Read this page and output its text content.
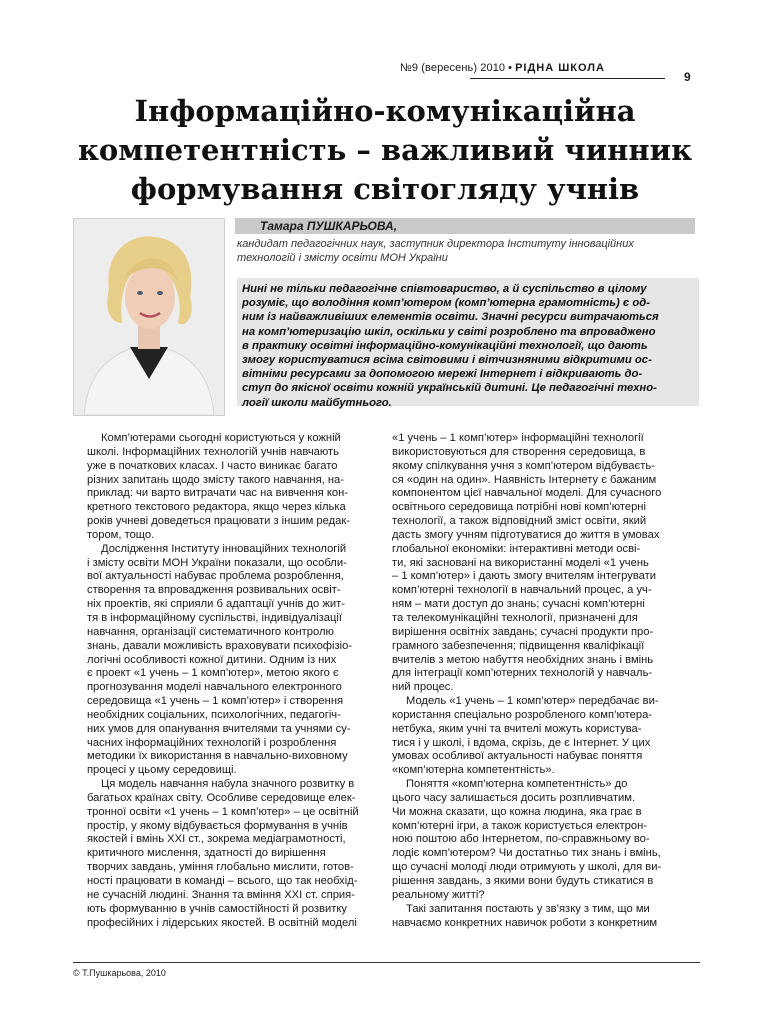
№9 (вересень) 2010 • РІДНА ШКОЛА
9
Інформаційно-комунікаційна
компетентність – важливий чинник
формування світогляду учнів
Тамара ПУШКАРЬОВА,
кандидат педагогічних наук, заступник директора Інституту інноваційних
технологій і змісту освіти МОН України
Нині не тільки педагогічне співтовариство, а й суспільство в цілому
розуміє, що володіння комп’ютером (комп’ютерна грамотність) є од-
ним із найважливіших елементів освіти. Значні ресурси витрачаються
на комп’ютеризацію шкіл, оскільки у світі розроблено та впроваджено
в практику освітні інформаційно-комунікаційні технології, що дають
змогу користуватися всіма світовими і вітчизняними відкритими ос-
вітніми ресурсами за допомогою мережі Інтернет і відкривають до-
ступ до якісної освіти кожній українській дитині. Це педагогічні техно-
логії школи майбутнього.
Комп’ютерами сьогодні користуються у кожній
школі. Інформаційних технологій учнів навчають
уже в початкових класах. І часто виникає багато
різних запитань щодо змісту такого навчання, на-
приклад: чи варто витрачати час на вивчення кон-
кретного текстового редактора, якщо через кілька
років учневі доведеться працювати з іншим редак-
тором, тощо.
Дослідження Інституту інноваційних технологій
і змісту освіти МОН України показали, що особли-
вої актуальності набуває проблема розроблення,
створення та впровадження розвивальних освіт-
ніх проектів, які сприяли б адаптації учнів до жит-
тя в інформаційному суспільстві, індивідуалізації
навчання, організації систематичного контролю
знань, давали можливість враховувати психофізіо-
логічні особливості кожної дитини. Одним із них
є проект «1 учень – 1 комп’ютер», метою якого є
прогнозування моделі навчального електронного
середовища «1 учень – 1 комп’ютер» і створення
необхідних соціальних, психологічних, педагогіч-
них умов для опанування вчителями та учнями су-
часних інформаційних технологій і розроблення
методики їх використання в навчально-виховному
процесі у цьому середовищі.
Ця модель навчання набула значного розвитку в
багатьох країнах світу. Особливе середовище елек-
тронної освіти «1 учень – 1 комп’ютер» – це освітній
простір, у якому відбувається формування в учнів
якостей і вмінь XXI ст., зокрема медіаграмотності,
критичного мислення, здатності до вирішення
творчих завдань, уміння глобально мислити, готов-
ності працювати в команді – всього, що так необхід-
не сучасній людині. Знання та вміння XXI ст. сприя-
ють формуванню в учнів самостійності й розвитку
професійних і лідерських якостей. В освітній моделі
«1 учень – 1 комп’ютер» інформаційні технології
використовуються для створення середовища, в
якому спілкування учня з комп’ютером відбуваєть-
ся «один на один». Наявність Інтернету є бажаним
компонентом цієї навчальної моделі. Для сучасного
освітнього середовища потрібні нові комп’ютерні
технології, а також відповідний зміст освіти, який
дасть змогу учням підготуватися до життя в умовах
глобальної економіки: інтерактивні методи осві-
ти, які засновані на використанні моделі «1 учень
– 1 комп’ютер» і дають змогу вчителям інтегрувати
комп’ютерні технології в навчальний процес, а уч-
ням – мати доступ до знань; сучасні комп’ютерні
та телекомунікаційні технології, призначені для
вирішення освітніх завдань; сучасні продукти про-
грамного забезпечення; підвищення кваліфікації
вчителів з метою набуття необхідних знань і вмінь
для інтеграції комп’ютерних технологій у навчаль-
ний процес.
Модель «1 учень – 1 комп’ютер» передбачає ви-
користання спеціально розробленого комп’ютера-
нетбука, яким учні та вчителі можуть користува-
тися і у школі, і вдома, скрізь, де є Інтернет. У цих
умовах особливої актуальності набуває поняття
«комп’ютерна компетентність».
Поняття «комп’ютерна компетентність» до
цього часу залишається досить розпливчатим.
Чи можна сказати, що кожна людина, яка грає в
комп’ютерні ігри, а також користується електрон-
ною поштою або Інтернетом, по-справжньому во-
лодіє комп’ютером? Чи достатньо тих знань і вмінь,
що сучасні молоді люди отримують у школі, для ви-
рішення завдань, з якими вони будуть стикатися в
реальному житті?
Такі запитання постають у зв’язку з тим, що ми
навчаємо конкретних навичок роботи з конкретним
© Т.Пушкарьова, 2010
